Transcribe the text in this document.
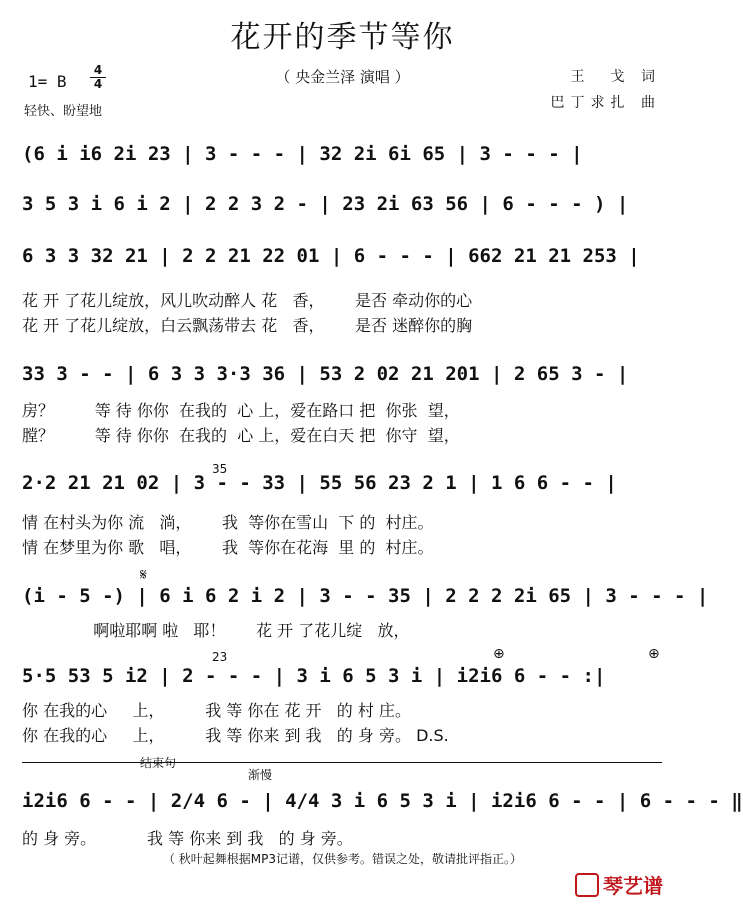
花开的季节等你
（ 央金兰泽 演唱 ）
1= B
4
4
轻快、盼望地
王　戈 词
巴丁求扎 曲
(6 i i6 2i 23 | 3 - - - | 32 2i 6i 65 | 3 - - - |
3 5 3 i 6 i 2 | 2 2 3 2 - | 23 2i 63 56 | 6 - - - ) |
6 3 3 32 21 | 2 2 21 22 01 | 6 - - - | 662 21 21 253 |
花 开 了花儿绽放，风儿吹动醉人 花   香，      是否 牵动你的心
花 开 了花儿绽放，白云飘荡带去 花   香，      是否 迷醉你的胸
33 3 - - | 6 3 3 3·3 36 | 53 2 02 21 201 | 2 65 3 - |
房？        等 待 你你  在我的  心 上，爱在路口 把  你张  望，
膛？        等 待 你你  在我的  心 上，爱在白天 把  你守  望，
35
2·2 21 21 02 | 3 - - 33 | 55 56 23 2 1 | 1 6 6 - - |
情 在村头为你 流   淌，      我  等你在雪山  下 的  村庄。
情 在梦里为你 歌   唱，      我  等你在花海  里 的  村庄。
𝄋
(i - 5 -) | 6 i 6 2 i 2 | 3 - - 35 | 2 2 2 2i 65 | 3 - - - |
啊啦耶啊 啦   耶！      花 开 了花儿绽   放，
23	⊕	⊕
5·5 53 5 i2 | 2 - - - | 3 i 6 5 3 i | i2i6 6 - - :|
你 在我的心     上，        我 等 你在 花 开   的 村 庄。
你 在我的心     上，        我 等 你来 到 我   的 身 旁。 D.S.
结束句
渐慢
i2i6 6 - - | 2/4 6 - | 4/4 3 i 6 5 3 i | i2i6 6 - - | 6 - - - ‖
的 身 旁。          我 等 你来 到 我   的 身 旁。
（ 秋叶起舞根据MP3记谱，仅供参考。错误之处，敬请批评指正。）
琴艺谱
